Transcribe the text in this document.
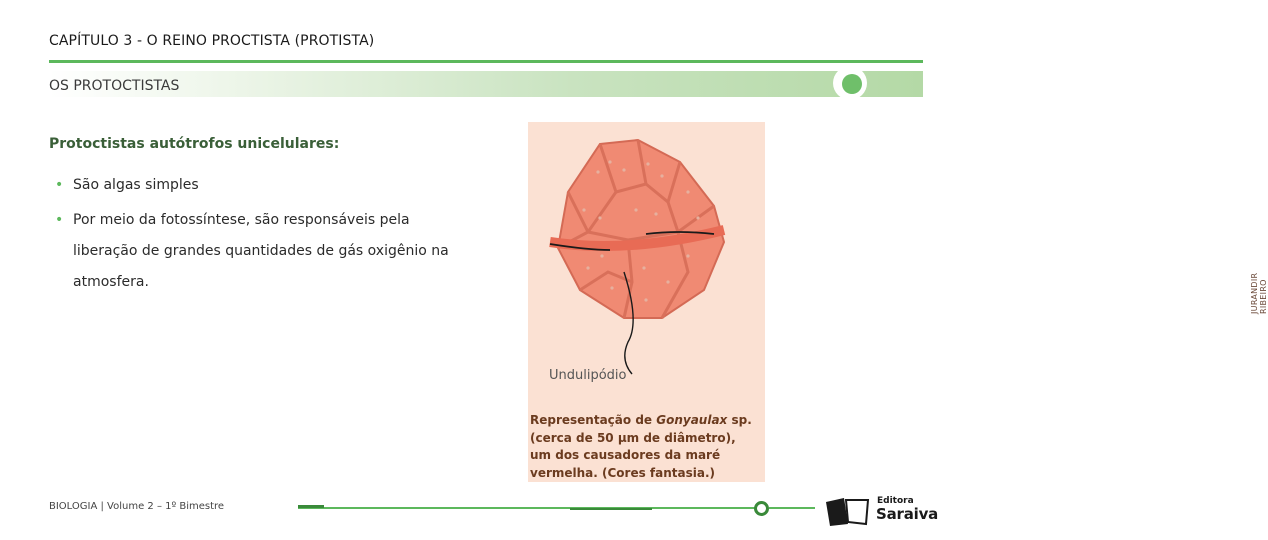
CAPÍTULO 3 - O REINO PROCTISTA (PROTISTA)
OS PROTOCTISTAS
Protoctistas autótrofos unicelulares:
• São algas simples
• Por meio da fotossíntese, são responsáveis pela liberação de grandes quantidades de gás oxigênio na atmosfera.	JURANDIR RIBEIRO
Undulipódio
Representação de Gonyaulax sp. (cerca de 50 µm de diâmetro), um dos causadores da maré vermelha. (Cores fantasia.)
BIOLOGIA | Volume 2 – 1º Bimestre	Editora
Saraiva
